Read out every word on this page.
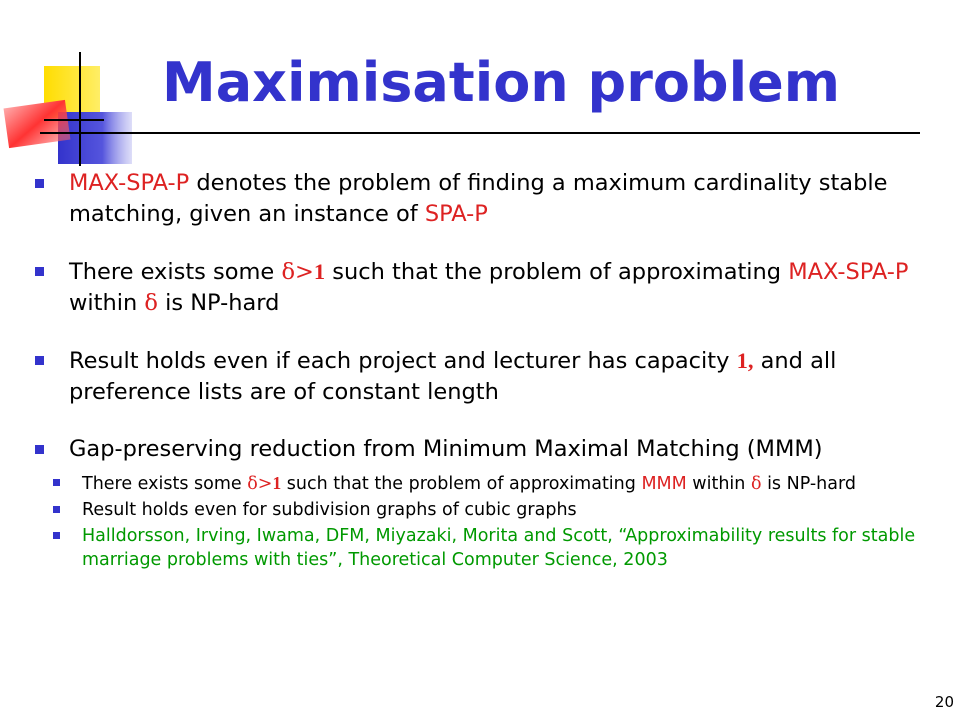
Maximisation problem
MAX-SPA-P denotes the problem of finding a maximum cardinality stable matching, given an instance of SPA-P
There exists some δ>1 such that the problem of approximating MAX-SPA-P within δ is NP-hard
Result holds even if each project and lecturer has capacity 1, and all preference lists are of constant length
Gap-preserving reduction from Minimum Maximal Matching (MMM)
There exists some δ>1 such that the problem of approximating MMM within δ is NP-hard
Result holds even for subdivision graphs of cubic graphs
Halldorsson, Irving, Iwama, DFM, Miyazaki, Morita and Scott, “Approximability results for stable marriage problems with ties”, Theoretical Computer Science, 2003
20
